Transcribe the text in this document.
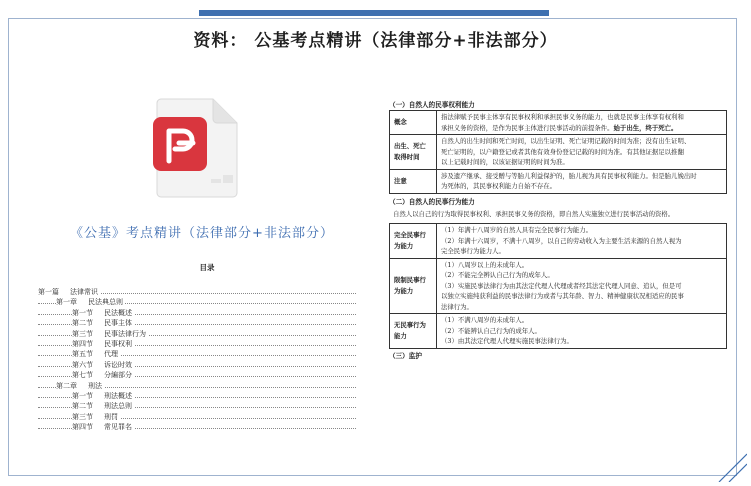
资料： 公基考点精讲（法律部分+非法部分）
《公基》考点精讲（法律部分+非法部分）
目录
第一篇 法律常识
第一章 民法典总则
第一节 民法概述
第二节 民事主体
第三节 民事法律行为
第四节 民事权利
第五节 代理
第六节 诉讼时效
第七节 分編部分
第二章 刑法
第一节 刑法概述
第二节 刑法总则
第三节 刑罚
第四节 常见罪名
（一）自然人的民事权利能力
概念	指法律赋予民事主体享有民事权利和承担民事义务的能力，也就是民事主体享有权利和
承担义务的资格，是作为民事主体进行民事活动的前提条件。始于出生，终于死亡。

出生、死亡取得时间	自然人的出生时间和死亡时间，以出生证明、死亡证明记载的时间为准；没有出生证明、
死亡证明的，以户籍登记或者其他有效身份登记记载的时间为准。有其他证据足以推翻
以上记载时间的，以该证据证明的时间为准。

注意	涉及遗产继承、接受赠与等胎儿利益保护的，胎儿视为具有民事权利能力。但是胎儿娩出时
为死体的，其民事权利能力自始不存在。
（二）自然人的民事行为能力
自然人以自己的行为取得民事权利、承担民事义务的资格，即自然人实施独立进行民事活动的资格。
完全民事行为能力	（1）年满十八周岁的自然人具有完全民事行为能力。
（2）年满十六周岁，不满十八周岁，以自己的劳动收入为主要生活来源的自然人视为
完全民事行为能力人。

限制民事行为能力	（1）八周岁以上的未成年人。
（2）不能完全辨认自己行为的成年人。
（3）实施民事法律行为由其法定代理人代理或者经其法定代理人同意、追认，但是可
以独立实施纯获利益的民事法律行为或者与其年龄、智力、精神健康状况相适应的民事
法律行为。

无民事行为能力	（1）不满八周岁的未成年人。
（2）不能辨认自己行为的成年人。
（3）由其法定代理人代理实施民事法律行为。
（三）监护
